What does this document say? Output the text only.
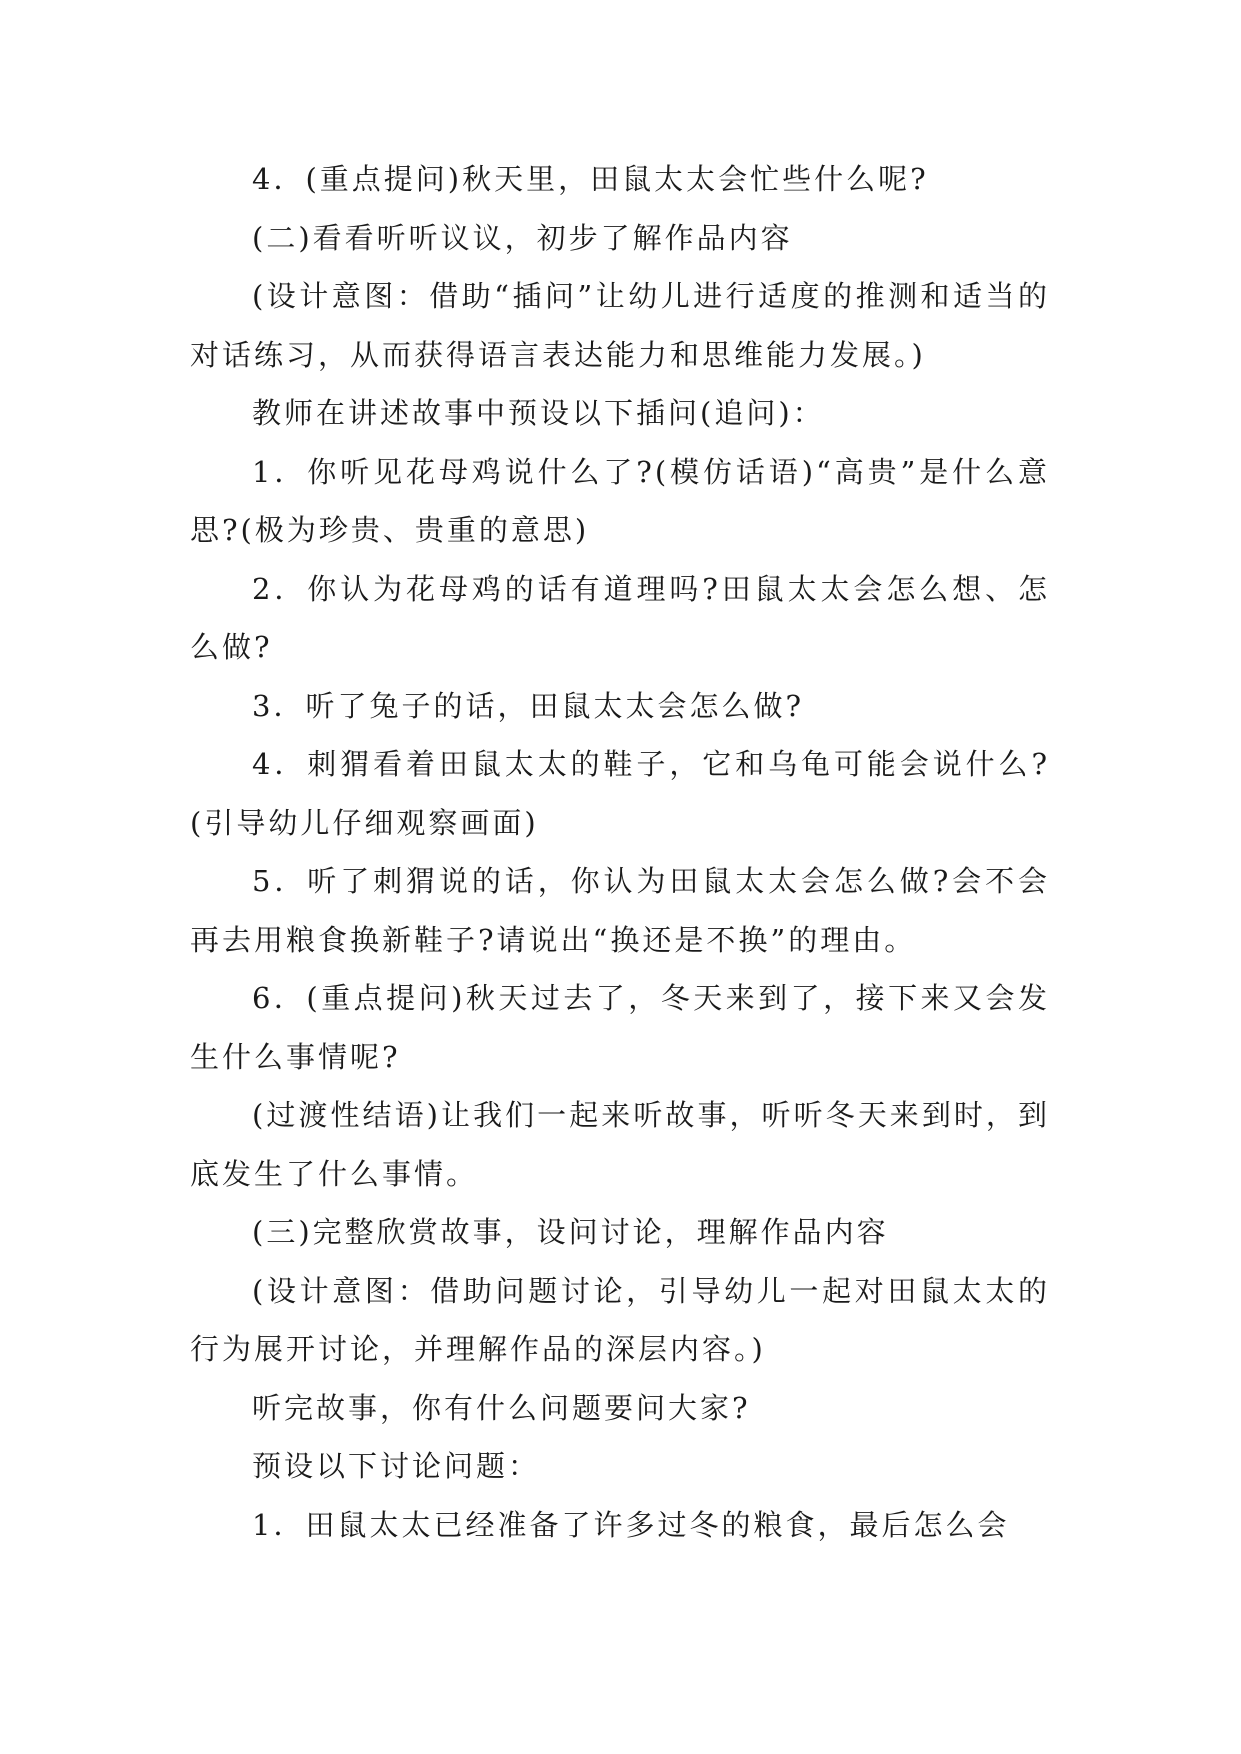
4．(重点提问)秋天里，田鼠太太会忙些什么呢?

(二)看看听听议议，初步了解作品内容

(设计意图：借助“插问”让幼儿进行适度的推测和适当的对话练习，从而获得语言表达能力和思维能力发展。)

教师在讲述故事中预设以下插问(追问)：

1．你听见花母鸡说什么了?(模仿话语)“高贵”是什么意思?(极为珍贵、贵重的意思)

2．你认为花母鸡的话有道理吗?田鼠太太会怎么想、怎么做?

3．听了兔子的话，田鼠太太会怎么做?

4．刺猬看着田鼠太太的鞋子，它和乌龟可能会说什么?(引导幼儿仔细观察画面)

5．听了刺猬说的话，你认为田鼠太太会怎么做?会不会再去用粮食换新鞋子?请说出“换还是不换”的理由。

6．(重点提问)秋天过去了，冬天来到了，接下来又会发生什么事情呢?

(过渡性结语)让我们一起来听故事，听听冬天来到时，到底发生了什么事情。

(三)完整欣赏故事，设问讨论，理解作品内容

(设计意图：借助问题讨论，引导幼儿一起对田鼠太太的行为展开讨论，并理解作品的深层内容。)

听完故事，你有什么问题要问大家?

预设以下讨论问题：

1．田鼠太太已经准备了许多过冬的粮食，最后怎么会
